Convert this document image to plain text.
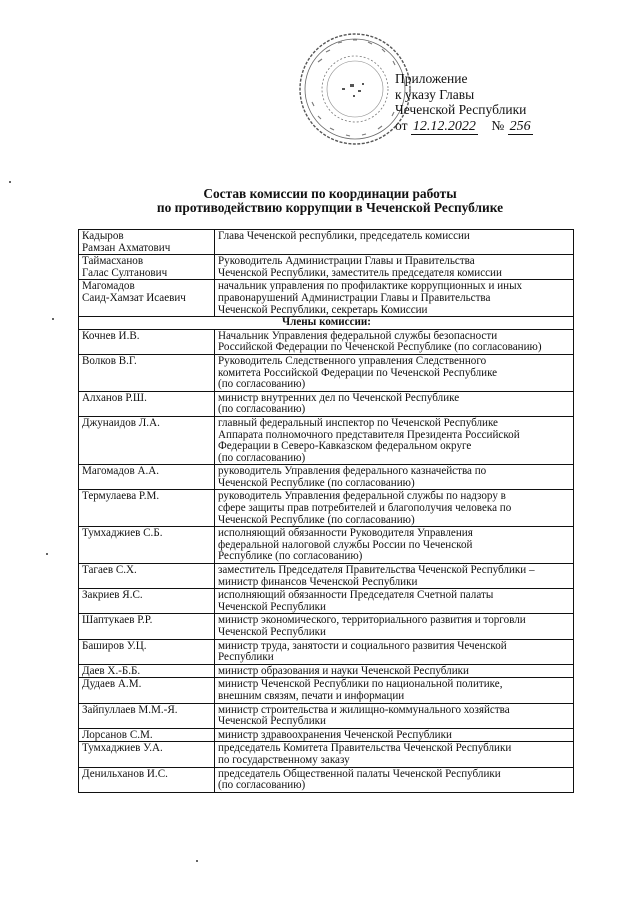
Приложение
к указу Главы
Чеченской Республики
от 12.12.2022 № 256
Состав комиссии по координации работы
по противодействию коррупции в Чеченской Республике
Кадыров
Рамзан Ахматович	Глава Чеченской республики, председатель комиссии
Таймасханов
Галас Султанович	Руководитель Администрации Главы и Правительства
Чеченской Республики, заместитель председателя комиссии
Магомадов
Саид-Хамзат Исаевич	начальник управления по профилактике коррупционных и иных
правонарушений Администрации Главы и Правительства
Чеченской Республики, секретарь Комиссии
Члены комиссии:	
Кочнев И.В.	Начальник Управления федеральной службы безопасности
Российской Федерации по Чеченской Республике (по согласованию)
Волков В.Г.	Руководитель Следственного управления Следственного
комитета Российской Федерации по Чеченской Республике
(по согласованию)
Алханов Р.Ш.	министр внутренних дел по Чеченской Республике
(по согласованию)
Джунаидов Л.А.	главный федеральный инспектор по Чеченской Республике
Аппарата полномочного представителя Президента Российской
Федерации в Северо-Кавказском федеральном округе
(по согласованию)
Магомадов А.А.	руководитель Управления федерального казначейства по
Чеченской Республике (по согласованию)
Термулаева Р.М.	руководитель Управления федеральной службы по надзору в
сфере защиты прав потребителей и благополучия человека по
Чеченской Республике (по согласованию)
Тумхаджиев С.Б.	исполняющий обязанности Руководителя Управления
федеральной налоговой службы России по Чеченской
Республике (по согласованию)
Тагаев С.Х.	заместитель Председателя Правительства Чеченской Республики –
министр финансов Чеченской Республики
Закриев Я.С.	исполняющий обязанности Председателя Счетной палаты
Чеченской Республики
Шаптукаев Р.Р.	министр экономического, территориального развития и торговли
Чеченской Республики
Баширов У.Ц.	министр труда, занятости и социального развития Чеченской
Республики
Даев Х.-Б.Б.	министр образования и науки Чеченской Республики
Дудаев А.М.	министр Чеченской Республики по национальной политике,
внешним связям, печати и информации
Зайпуллаев М.М.-Я.	министр строительства и жилищно-коммунального хозяйства
Чеченской Республики
Лорсанов С.М.	министр здравоохранения Чеченской Республики
Тумхаджиев У.А.	председатель Комитета Правительства Чеченской Республики
по государственному заказу
Денильханов И.С.	председатель Общественной палаты Чеченской Республики
(по согласованию)
